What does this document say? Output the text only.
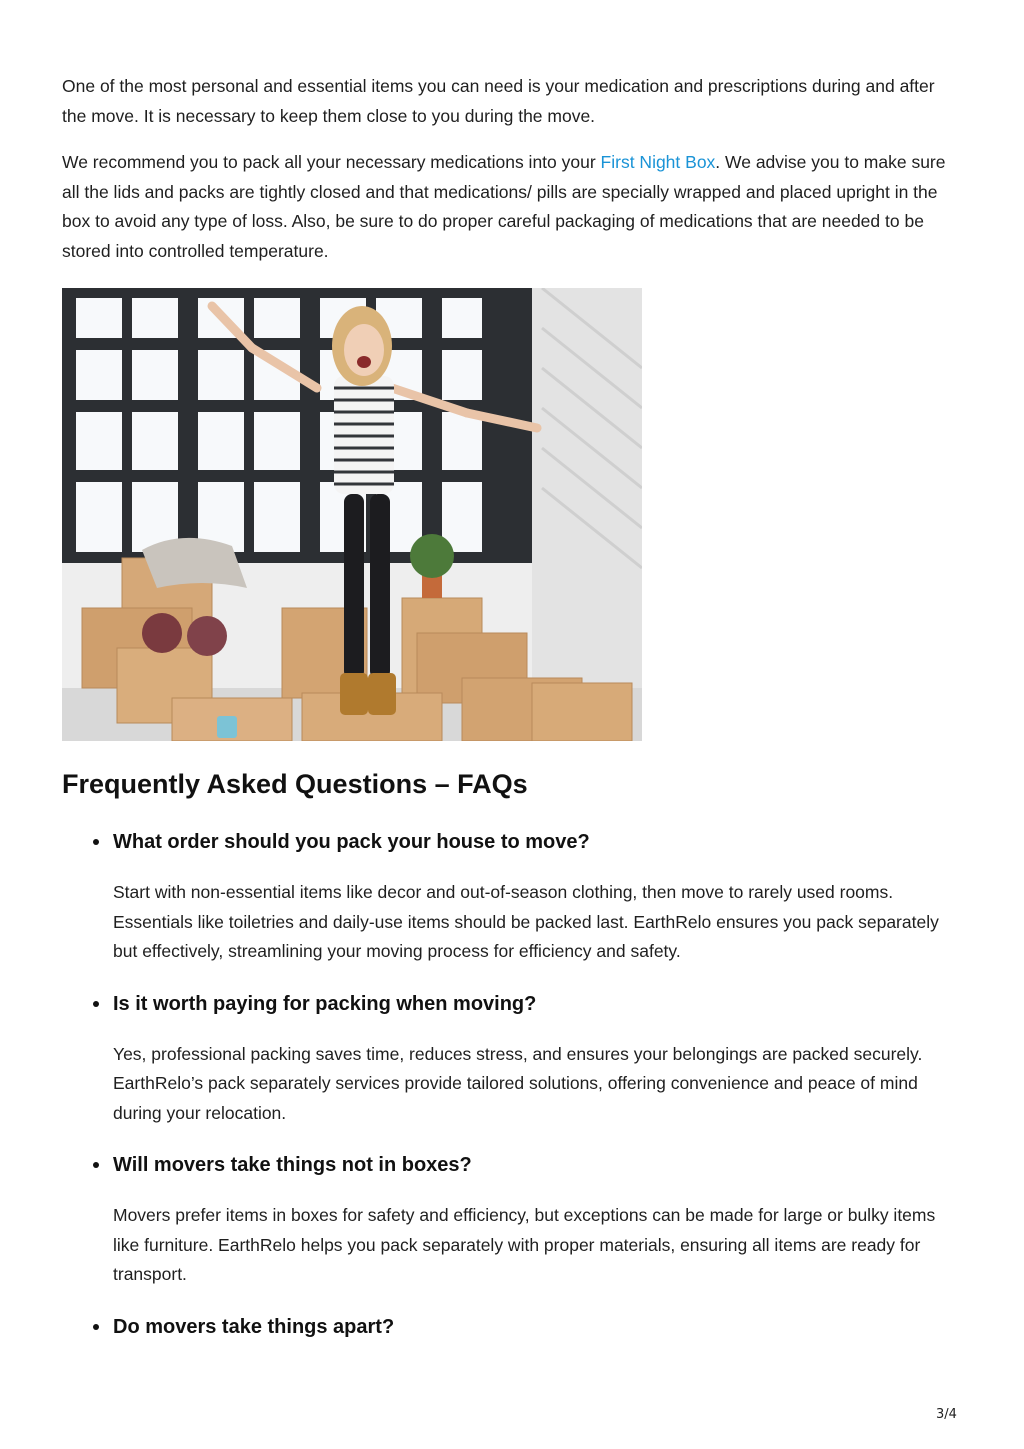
One of the most personal and essential items you can need is your medication and prescriptions during and after the move. It is necessary to keep them close to you during the move.

We recommend you to pack all your necessary medications into your First Night Box. We advise you to make sure all the lids and packs are tightly closed and that medications/ pills are specially wrapped and placed upright in the box to avoid any type of loss. Also, be sure to do proper careful packaging of medications that are needed to be stored into controlled temperature.

Frequently Asked Questions – FAQs

What order should you pack your house to move?

Start with non-essential items like decor and out-of-season clothing, then move to rarely used rooms. Essentials like toiletries and daily-use items should be packed last. EarthRelo ensures you pack separately but effectively, streamlining your moving process for efficiency and safety.

Is it worth paying for packing when moving?

Yes, professional packing saves time, reduces stress, and ensures your belongings are packed securely. EarthRelo’s pack separately services provide tailored solutions, offering convenience and peace of mind during your relocation.

Will movers take things not in boxes?

Movers prefer items in boxes for safety and efficiency, but exceptions can be made for large or bulky items like furniture. EarthRelo helps you pack separately with proper materials, ensuring all items are ready for transport.

Do movers take things apart?

3/4
